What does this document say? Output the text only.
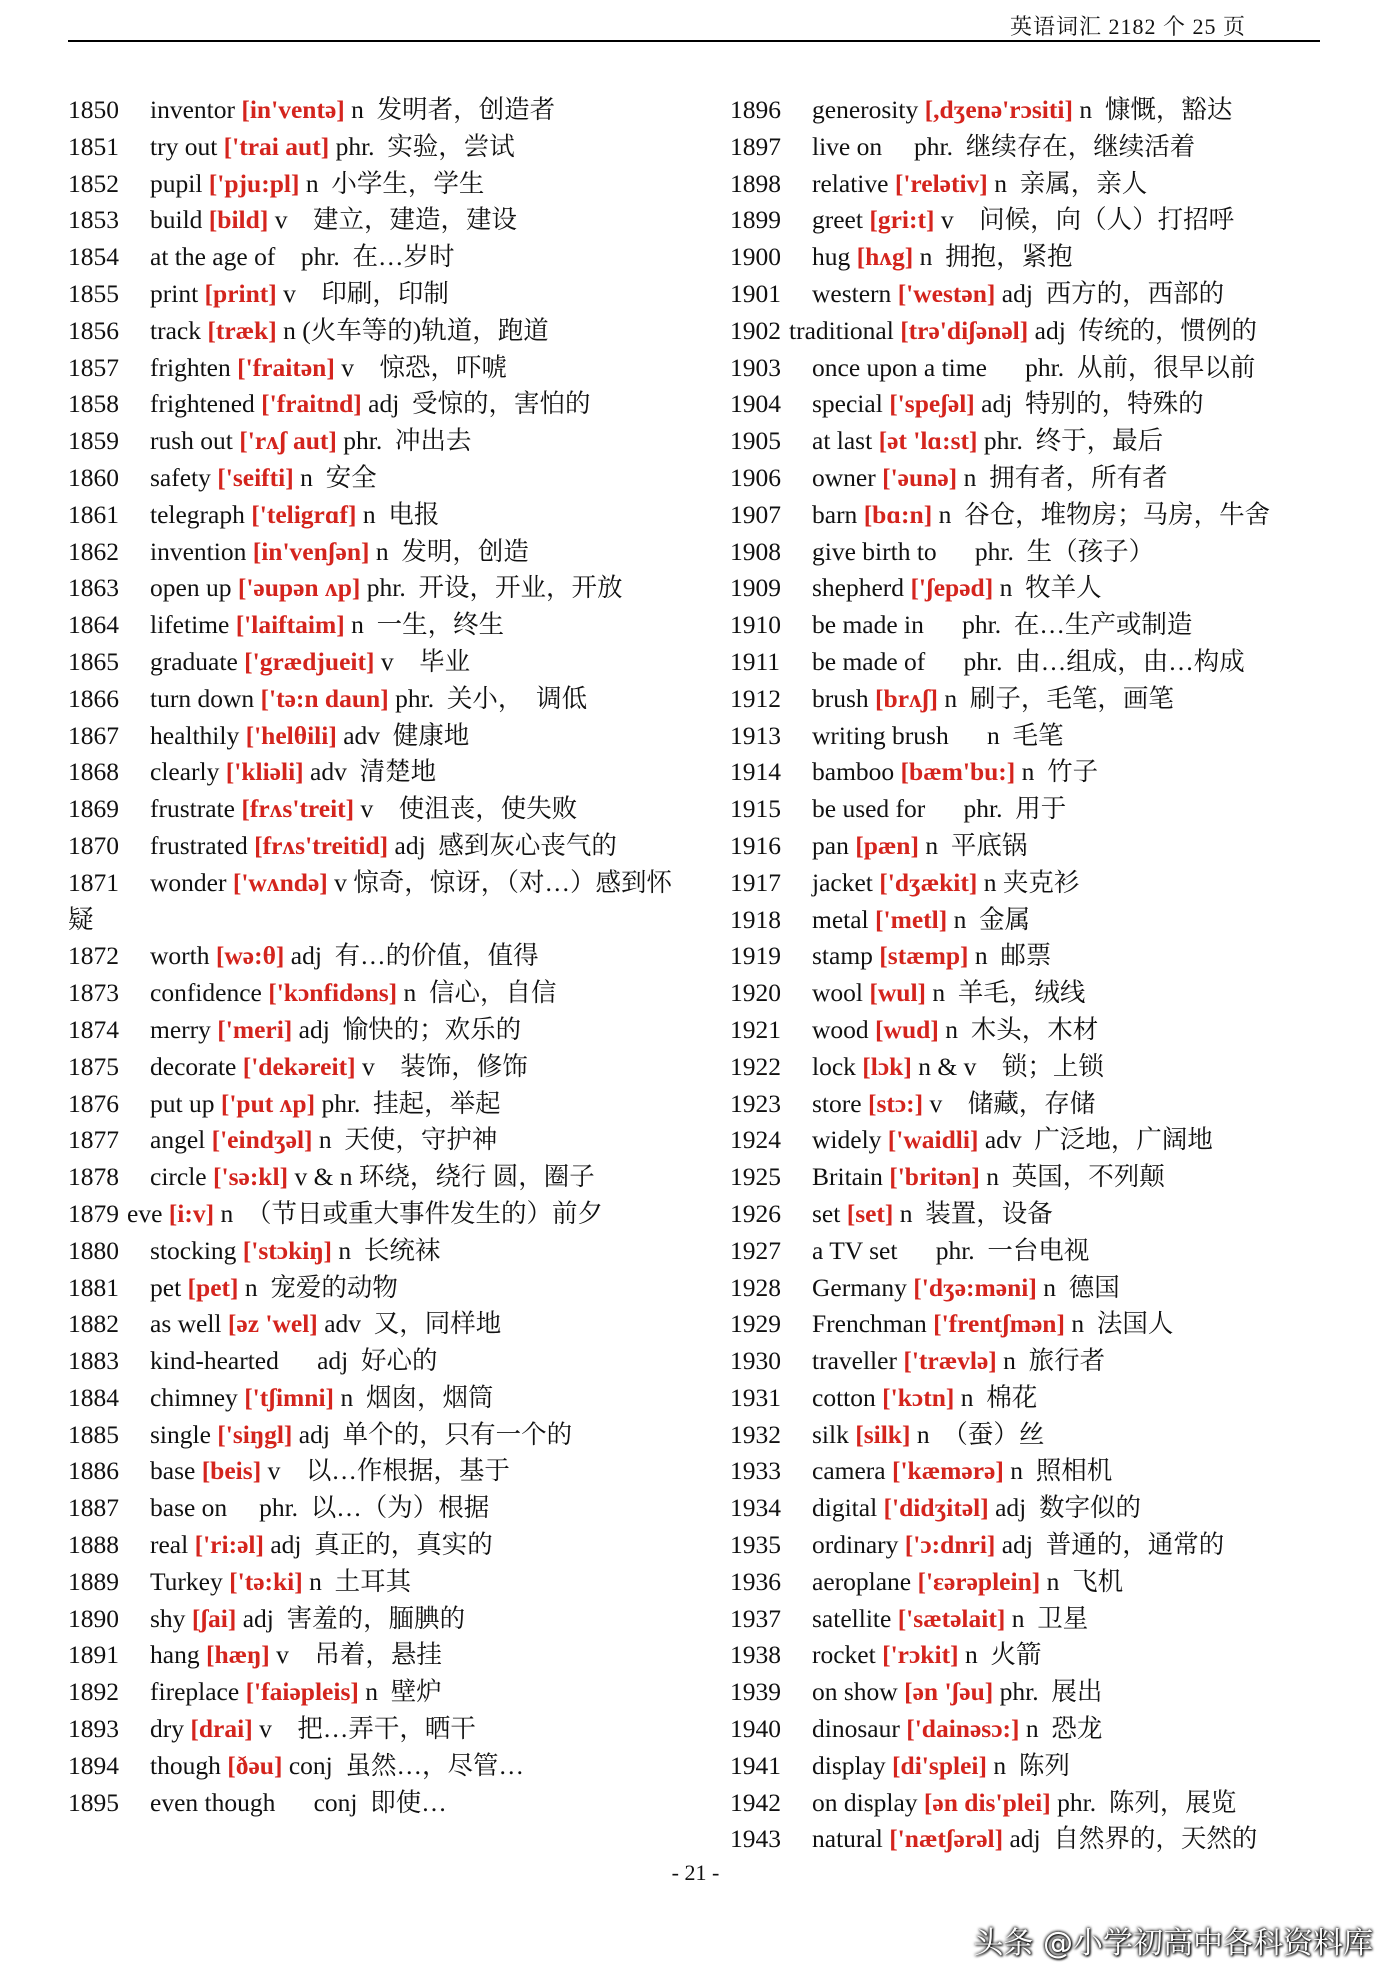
英语词汇 2182 个 25 页
1850 inventor [in'ventə] n  发明者，创造者
1851 try out ['trai aut] phr.  实验，尝试
1852 pupil ['pju:pl] n  小学生，学生
1853 build [bild] v    建立，建造，建设
1854 at the age of    phr.  在…岁时
1855 print [print] v    印刷，印制
1856 track [træk] n (火车等的)轨道，跑道
1857 frighten ['fraitən] v    惊恐，吓唬
1858 frightened ['fraitnd] adj  受惊的，害怕的
1859 rush out ['rʌʃ aut] phr.  冲出去
1860 safety ['seifti] n  安全
1861 telegraph ['teligrɑf] n  电报
1862 invention [in'venʃən] n  发明，创造
1863 open up ['əupən ʌp] phr.  开设，开业，开放
1864 lifetime ['laiftaim] n  一生，终生
1865 graduate ['grædjueit] v    毕业
1866 turn down ['tə:n daun] phr.  关小，  调低
1867 healthily ['helθili] adv  健康地
1868 clearly ['kliəli] adv  清楚地
1869 frustrate [frʌs'treit] v    使沮丧，使失败
1870 frustrated [frʌs'treitid] adj  感到灰心丧气的
1871 wonder ['wʌndə] v 惊奇，惊讶，（对…）感到怀疑
1872 worth [wə:θ] adj  有…的价值，值得
1873 confidence ['kɔnfidəns] n  信心，自信
1874 merry ['meri] adj  愉快的；欢乐的
1875 decorate ['dekəreit] v    装饰，修饰
1876 put up ['put ʌp] phr.  挂起，举起
1877 angel ['eindʒəl] n  天使，守护神
1878 circle ['sə:kl] v & n 环绕，绕行 圆，圈子
1879 eve [i:v] n  （节日或重大事件发生的）前夕
1880 stocking ['stɔkiŋ] n  长统袜
1881 pet [pet] n  宠爱的动物
1882 as well [əz 'wel] adv  又，同样地
1883 kind-hearted      adj  好心的
1884 chimney ['tʃimni] n  烟囱，烟筒
1885 single ['siŋgl] adj  单个的，只有一个的
1886 base [beis] v    以…作根据，基于
1887 base on     phr.  以…（为）根据
1888 real ['ri:əl] adj  真正的，真实的
1889 Turkey ['tə:ki] n  土耳其
1890 shy [ʃai] adj  害羞的，腼腆的
1891 hang [hæŋ] v    吊着，悬挂
1892 fireplace ['faiəpleis] n  壁炉
1893 dry [drai] v    把…弄干，晒干
1894 though [ðəu] conj  虽然…，尽管…
1895 even though      conj  即使…
1896 generosity [,dʒenə'rɔsiti] n  慷慨，豁达
1897 live on     phr.  继续存在，继续活着
1898 relative ['relətiv] n  亲属，亲人
1899 greet [gri:t] v    问候，向（人）打招呼
1900 hug [hʌg] n  拥抱，紧抱
1901 western ['westən] adj  西方的，西部的
1902 traditional [trə'diʃənəl] adj  传统的，惯例的
1903 once upon a time      phr.  从前，很早以前
1904 special ['speʃəl] adj  特别的，特殊的
1905 at last [ət 'lɑ:st] phr.  终于，最后
1906 owner ['əunə] n  拥有者，所有者
1907 barn [bɑ:n] n  谷仓，堆物房；马房，牛舍
1908 give birth to      phr.  生（孩子）
1909 shepherd ['ʃepəd] n  牧羊人
1910 be made in      phr.  在…生产或制造
1911 be made of      phr.  由…组成，由…构成
1912 brush [brʌʃ] n  刷子，毛笔，画笔
1913 writing brush      n  毛笔
1914 bamboo [bæm'bu:] n  竹子
1915 be used for      phr.  用于
1916 pan [pæn] n  平底锅
1917 jacket ['dʒækit] n 夹克衫
1918 metal ['metl] n  金属
1919 stamp [stæmp] n  邮票
1920 wool [wul] n  羊毛，绒线
1921 wood [wud] n  木头，木材
1922 lock [lɔk] n & v    锁；上锁
1923 store [stɔ:] v    储藏，存储
1924 widely ['waidli] adv  广泛地，广阔地
1925 Britain ['britən] n  英国，不列颠
1926 set [set] n  装置，设备
1927 a TV set      phr.  一台电视
1928 Germany ['dʒə:məni] n  德国
1929 Frenchman ['frentʃmən] n  法国人
1930 traveller ['trævlə] n  旅行者
1931 cotton ['kɔtn] n  棉花
1932 silk [silk] n  （蚕）丝
1933 camera ['kæmərə] n  照相机
1934 digital ['didʒitəl] adj  数字似的
1935 ordinary ['ɔ:dnri] adj  普通的，通常的
1936 aeroplane ['ɛərəplein] n  飞机
1937 satellite ['sætəlait] n  卫星
1938 rocket ['rɔkit] n  火箭
1939 on show [ən 'ʃəu] phr.  展出
1940 dinosaur ['dainəsɔ:] n  恐龙
1941 display [di'splei] n  陈列
1942 on display [ən dis'plei] phr.  陈列，展览
1943 natural ['nætʃərəl] adj  自然界的，天然的
- 21 -
头条 @小学初高中各科资料库
